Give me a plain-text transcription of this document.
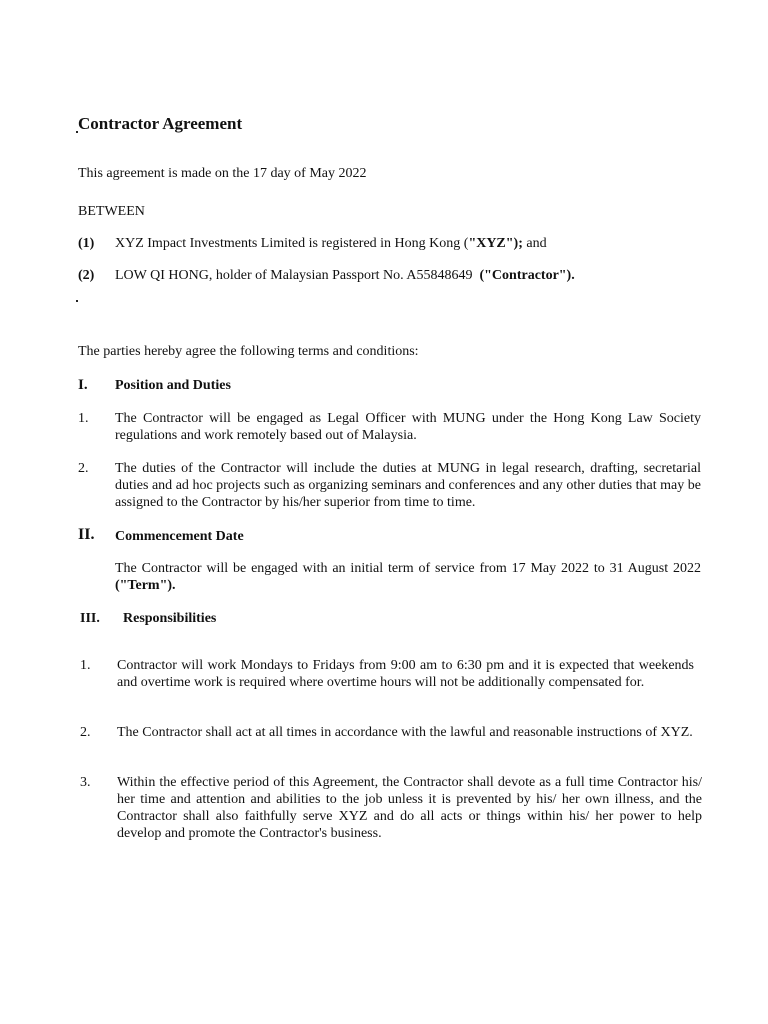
Contractor Agreement
This agreement is made on the 17 day of May 2022
BETWEEN
(1) XYZ Impact Investments Limited is registered in Hong Kong ("XYZ"); and
(2) LOW QI HONG, holder of Malaysian Passport No. A55848649  ("Contractor").
The parties hereby agree the following terms and conditions:
I. Position and Duties
1. The Contractor will be engaged as Legal Officer with MUNG under the Hong Kong Law Society regulations and work remotely based out of Malaysia.
2. The duties of the Contractor will include the duties at MUNG in legal research, drafting, secretarial duties and ad hoc projects such as organizing seminars and conferences and any other duties that may be assigned to the Contractor by his/her superior from time to time.
II. Commencement Date
The Contractor will be engaged with an initial term of service from 17 May 2022 to 31 August 2022 ("Term").
III. Responsibilities
1. Contractor will work Mondays to Fridays from 9:00 am to 6:30 pm and it is expected that weekends and overtime work is required where overtime hours will not be additionally compensated for.
2. The Contractor shall act at all times in accordance with the lawful and reasonable instructions of XYZ.
3. Within the effective period of this Agreement, the Contractor shall devote as a full time Contractor his/ her time and attention and abilities to the job unless it is prevented by his/ her own illness, and the Contractor shall also faithfully serve XYZ and do all acts or things within his/ her power to help develop and promote the Contractor's business.
